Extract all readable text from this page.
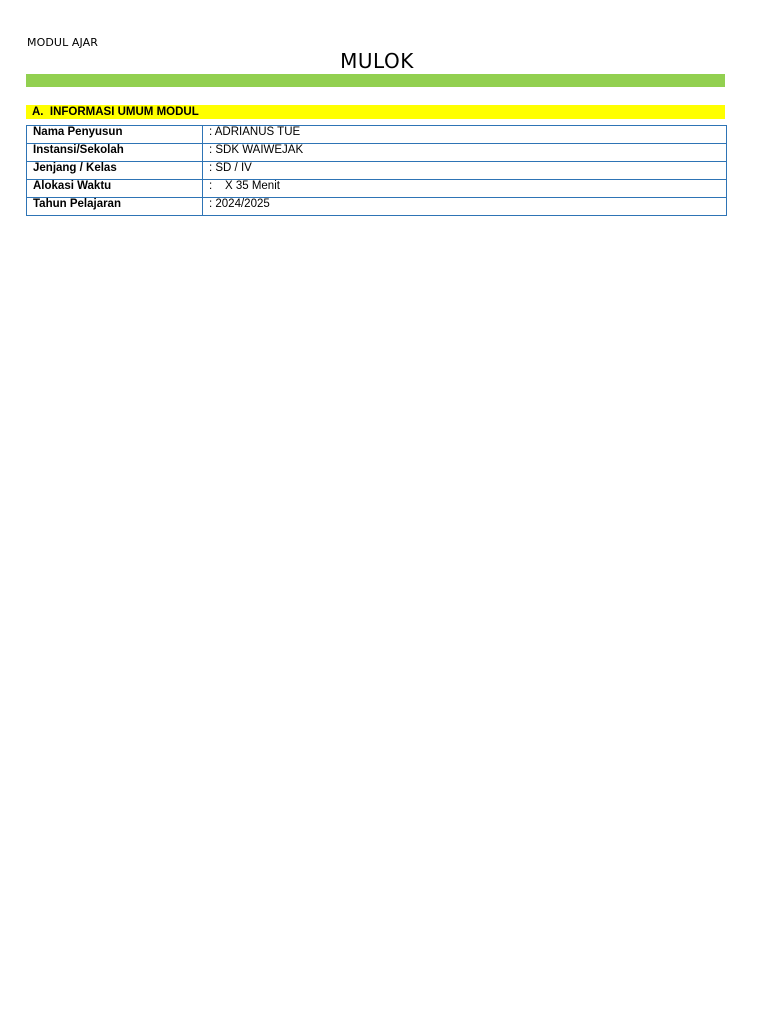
MODUL AJAR
MULOK
A.  INFORMASI UMUM MODUL
Nama Penyusun	: ADRIANUS TUE
Instansi/Sekolah	: SDK WAIWEJAK
Jenjang / Kelas	: SD / IV
Alokasi Waktu	:    X 35 Menit
Tahun Pelajaran	: 2024/2025
